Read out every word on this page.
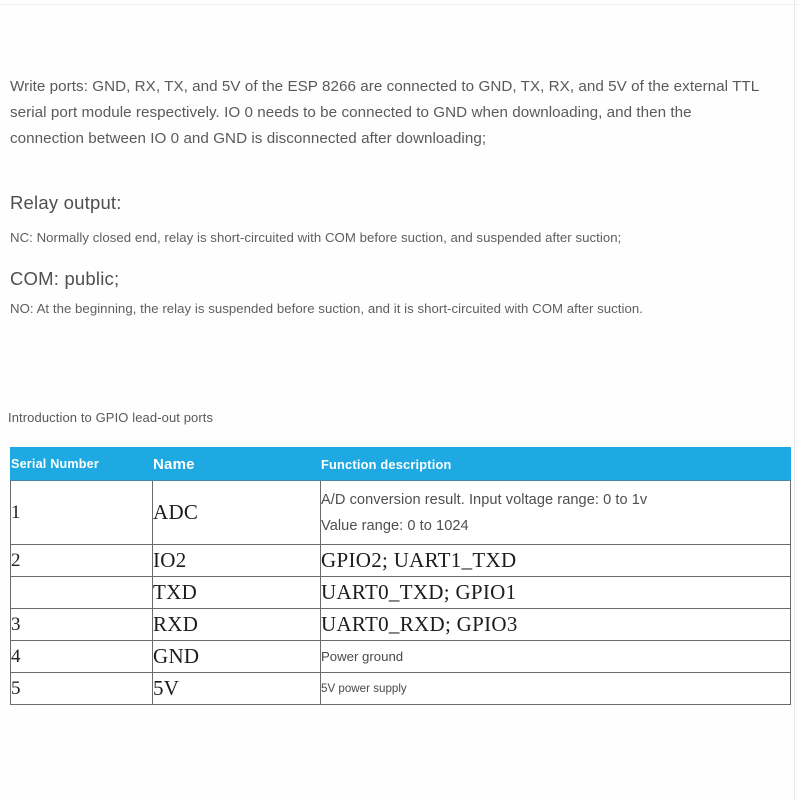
Write ports: GND, RX, TX, and 5V of the ESP 8266 are connected to GND, TX, RX, and 5V of the external TTL serial port module respectively. IO 0 needs to be connected to GND when downloading, and then the connection between IO 0 and GND is disconnected after downloading;

Relay output:
NC: Normally closed end, relay is short-circuited with COM before suction, and suspended after suction;
COM: public;
NO: At the beginning, the relay is suspended before suction, and it is short-circuited with COM after suction.
Introduction to GPIO lead-out ports
Serial Number	Name	Function description
1	ADC	A/D conversion result. Input voltage range: 0 to 1v
Value range: 0 to 1024

2	IO2	GPIO2; UART1_TXD
	TXD	UART0_TXD; GPIO1
3	RXD	UART0_RXD; GPIO3
4	GND	Power ground
5	5V	5V power supply
